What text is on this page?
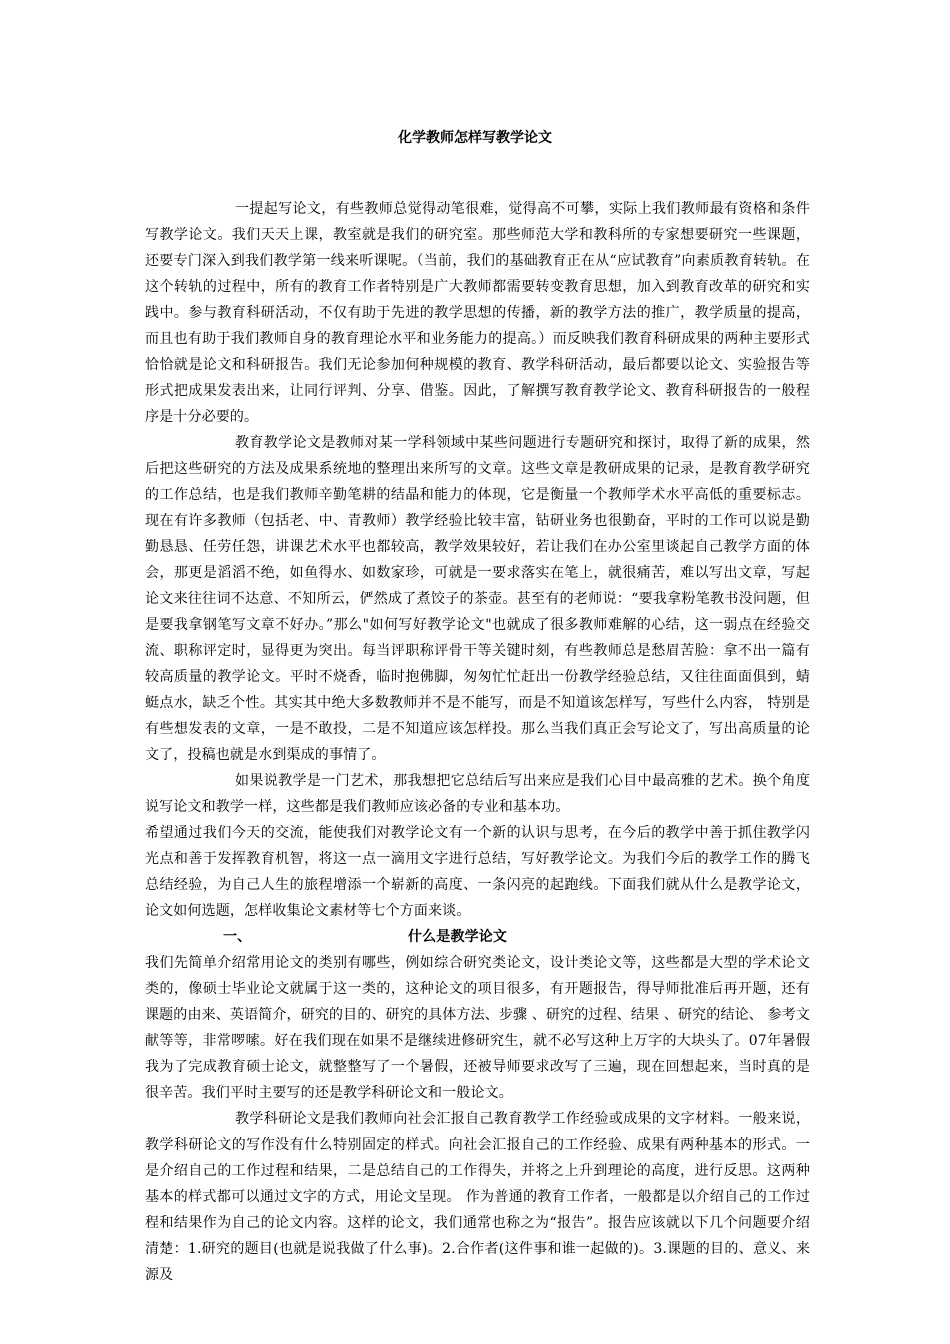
化学教师怎样写教学论文

一提起写论文，有些教师总觉得动笔很难，觉得高不可攀，实际上我们教师最有资格和条件写教学论文。我们天天上课，教室就是我们的研究室。那些师范大学和教科所的专家想要研究一些课题，还要专门深入到我们教学第一线来听课呢。（当前，我们的基础教育正在从“应试教育”向素质教育转轨。在这个转轨的过程中，所有的教育工作者特别是广大教师都需要转变教育思想，加入到教育改革的研究和实践中。参与教育科研活动，不仅有助于先进的教学思想的传播，新的教学方法的推广，教学质量的提高，而且也有助于我们教师自身的教育理论水平和业务能力的提高。）而反映我们教育科研成果的两种主要形式恰恰就是论文和科研报告。我们无论参加何种规模的教育、教学科研活动，最后都要以论文、实验报告等形式把成果发表出来，让同行评判、分享、借鉴。因此，了解撰写教育教学论文、教育科研报告的一般程序是十分必要的。

教育教学论文是教师对某一学科领域中某些问题进行专题研究和探讨，取得了新的成果，然后把这些研究的方法及成果系统地的整理出来所写的文章。这些文章是教研成果的记录，是教育教学研究的工作总结，也是我们教师辛勤笔耕的结晶和能力的体现，它是衡量一个教师学术水平高低的重要标志。现在有许多教师（包括老、中、青教师）教学经验比较丰富，钻研业务也很勤奋，平时的工作可以说是勤勤恳恳、任劳任怨，讲课艺术水平也都较高，教学效果较好，若让我们在办公室里谈起自己教学方面的体会，那更是滔滔不绝，如鱼得水、如数家珍，可就是一要求落实在笔上，就很痛苦，难以写出文章，写起论文来往往词不达意、不知所云，俨然成了煮饺子的茶壶。甚至有的老师说：“要我拿粉笔教书没问题，但是要我拿钢笔写文章不好办。”那么"如何写好教学论文"也就成了很多教师难解的心结，这一弱点在经验交流、职称评定时，显得更为突出。每当评职称评骨干等关键时刻，有些教师总是愁眉苦脸：拿不出一篇有较高质量的教学论文。平时不烧香，临时抱佛脚，匆匆忙忙赶出一份教学经验总结，又往往面面俱到，蜻蜓点水，缺乏个性。其实其中绝大多数教师并不是不能写，而是不知道该怎样写，写些什么内容， 特别是有些想发表的文章，一是不敢投，二是不知道应该怎样投。那么当我们真正会写论文了，写出高质量的论文了，投稿也就是水到渠成的事情了。

如果说教学是一门艺术，那我想把它总结后写出来应是我们心目中最高雅的艺术。换个角度说写论文和教学一样，这些都是我们教师应该必备的专业和基本功。

希望通过我们今天的交流，能使我们对教学论文有一个新的认识与思考，在今后的教学中善于抓住教学闪光点和善于发挥教育机智，将这一点一滴用文字进行总结，写好教学论文。为我们今后的教学工作的腾飞总结经验，为自己人生的旅程增添一个崭新的高度、一条闪亮的起跑线。下面我们就从什么是教学论文，论文如何选题，怎样收集论文素材等七个方面来谈。

一、	什么是教学论文

我们先简单介绍常用论文的类别有哪些，例如综合研究类论文，设计类论文等，这些都是大型的学术论文类的，像硕士毕业论文就属于这一类的，这种论文的项目很多，有开题报告，得导师批准后再开题，还有课题的由来、英语简介，研究的目的、研究的具体方法、步骤 、研究的过程、结果 、研究的结论、 参考文献等等，非常啰嗦。好在我们现在如果不是继续进修研究生，就不必写这种上万字的大块头了。07年暑假我为了完成教育硕士论文，就整整写了一个暑假，还被导师要求改写了三遍，现在回想起来，当时真的是很辛苦。我们平时主要写的还是教学科研论文和一般论文。

教学科研论文是我们教师向社会汇报自己教育教学工作经验或成果的文字材料。一般来说，教学科研论文的写作没有什么特别固定的样式。向社会汇报自己的工作经验、成果有两种基本的形式。一是介绍自己的工作过程和结果，二是总结自己的工作得失，并将之上升到理论的高度，进行反思。这两种基本的样式都可以通过文字的方式，用论文呈现。 作为普通的教育工作者，一般都是以介绍自己的工作过程和结果作为自己的论文内容。这样的论文，我们通常也称之为“报告”。报告应该就以下几个问题要介绍清楚：1.研究的题目(也就是说我做了什么事)。2.合作者(这件事和谁一起做的)。3.课题的目的、意义、来源及
